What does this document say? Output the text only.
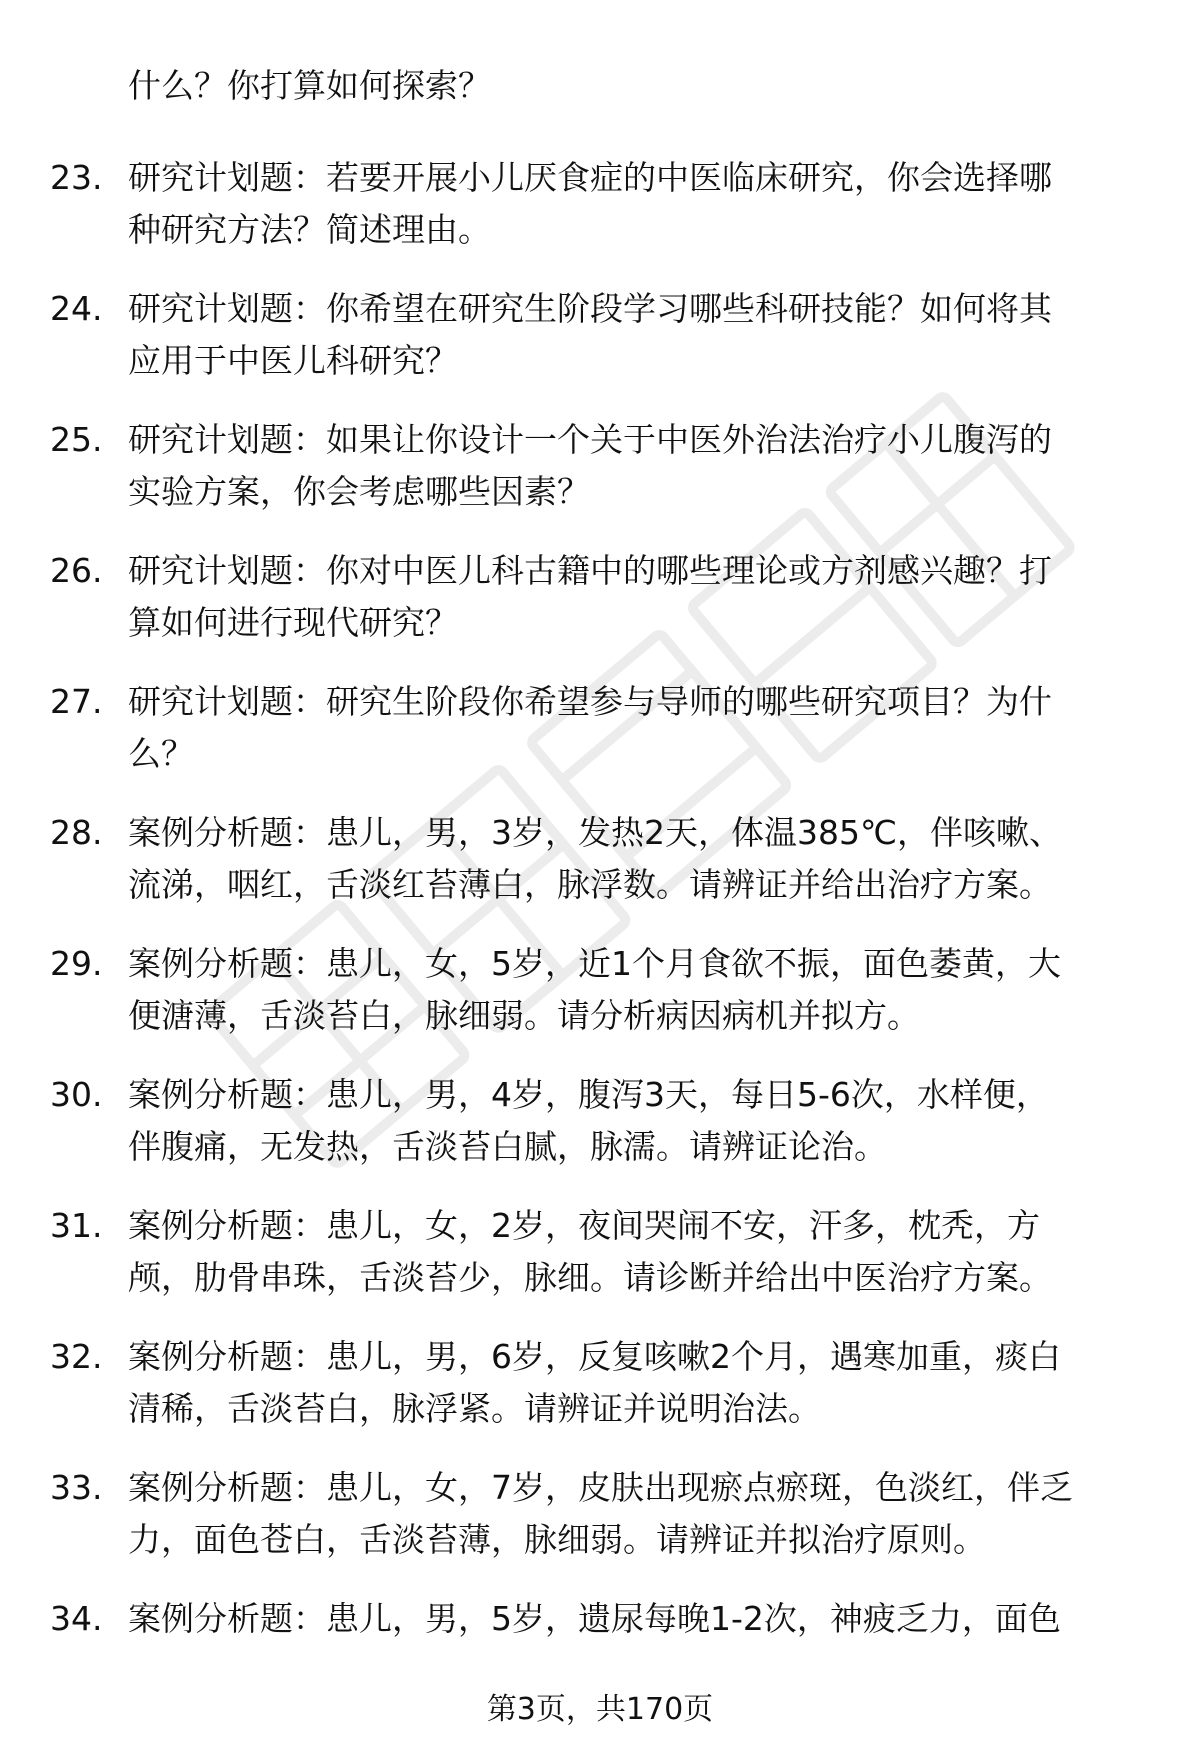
什么？你打算如何探索？
23. 研究计划题：若要开展小儿厌食症的中医临床研究，你会选择哪
种研究方法？简述理由。
24. 研究计划题：你希望在研究生阶段学习哪些科研技能？如何将其
应用于中医儿科研究？
25. 研究计划题：如果让你设计一个关于中医外治法治疗小儿腹泻的
实验方案，你会考虑哪些因素？
26. 研究计划题：你对中医儿科古籍中的哪些理论或方剂感兴趣？打
算如何进行现代研究？
27. 研究计划题：研究生阶段你希望参与导师的哪些研究项目？为什
么？
28. 案例分析题：患儿，男，3岁，发热2天，体温385℃，伴咳嗽、
流涕，咽红，舌淡红苔薄白，脉浮数。请辨证并给出治疗方案。
29. 案例分析题：患儿，女，5岁，近1个月食欲不振，面色萎黄，大
便溏薄，舌淡苔白，脉细弱。请分析病因病机并拟方。
30. 案例分析题：患儿，男，4岁，腹泻3天，每日5-6次，水样便，
伴腹痛，无发热，舌淡苔白腻，脉濡。请辨证论治。
31. 案例分析题：患儿，女，2岁，夜间哭闹不安，汗多，枕秃，方
颅，肋骨串珠，舌淡苔少，脉细。请诊断并给出中医治疗方案。
32. 案例分析题：患儿，男，6岁，反复咳嗽2个月，遇寒加重，痰白
清稀，舌淡苔白，脉浮紧。请辨证并说明治法。
33. 案例分析题：患儿，女，7岁，皮肤出现瘀点瘀斑，色淡红，伴乏
力，面色苍白，舌淡苔薄，脉细弱。请辨证并拟治疗原则。
34. 案例分析题：患儿，男，5岁，遗尿每晚1-2次，神疲乏力，面色
第3页，共170页
